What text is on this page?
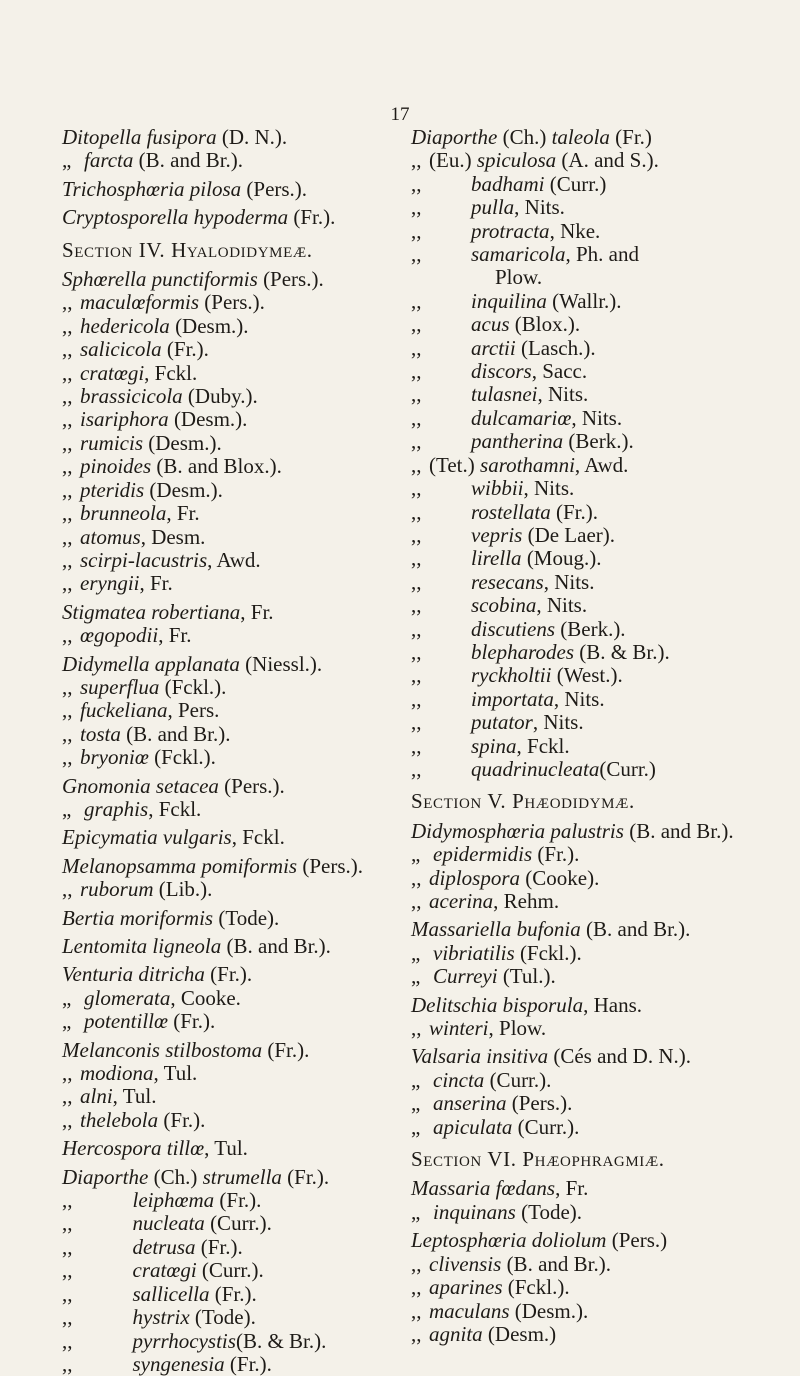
17
Ditopella fusipora (D. N.).
„ farcta (B. and Br.).
Trichosphœria pilosa (Pers.).
Cryptosporella hypoderma (Fr.).
Section IV. Hyalodidymeæ.
Sphœrella punctiformis (Pers.).
,, maculœformis (Pers.).
,, hedericola (Desm.).
,, salicicola (Fr.).
,, cratœgi, Fckl.
,, brassicicola (Duby.).
,, isariphora (Desm.).
,, rumicis (Desm.).
,, pinoides (B. and Blox.).
,, pteridis (Desm.).
,, brunneola, Fr.
,, atomus, Desm.
,, scirpi-lacustris, Awd.
,, eryngii, Fr.
Stigmatea robertiana, Fr.
,, œgopodii, Fr.
Didymella applanata (Niessl.).
,, superflua (Fckl.).
,, fuckeliana, Pers.
,, tosta (B. and Br.).
,, bryoniœ (Fckl.).
Gnomonia setacea (Pers.).
„ graphis, Fckl.
Epicymatia vulgaris, Fckl.
Melanopsamma pomiformis (Pers.).
,, ruborum (Lib.).
Bertia moriformis (Tode).
Lentomita ligneola (B. and Br.).
Venturia ditricha (Fr.).
„ glomerata, Cooke.
„ potentillœ (Fr.).
Melanconis stilbostoma (Fr.).
,, modiona, Tul.
,, alni, Tul.
,, thelebola (Fr.).
Hercospora tillœ, Tul.
Diaporthe (Ch.) strumella (Fr.).
,,	leiphœma (Fr.).
,,	nucleata (Curr.).
,,	detrusa (Fr.).
,,	cratœgi (Curr.).
,,	sallicella (Fr.).
,,	hystrix (Tode).
,,	pyrrhocystis(B. & Br.).
,,	syngenesia (Fr.).
Diaporthe (Ch.) taleola (Fr.)
,, (Eu.) spiculosa (A. and S.).
,, badhami (Curr.)
,, pulla, Nits.
,, protracta, Nke.
,, samaricola, Ph. and
Plow.
,, inquilina (Wallr.).
,, acus (Blox.).
,, arctii (Lasch.).
,, discors, Sacc.
,, tulasnei, Nits.
,, dulcamariœ, Nits.
,, pantherina (Berk.).
,, (Tet.) sarothamni, Awd.
,, wibbii, Nits.
,, rostellata (Fr.).
,, vepris (De Laer).
,, lirella (Moug.).
,, resecans, Nits.
,, scobina, Nits.
,, discutiens (Berk.).
,, blepharodes (B. & Br.).
,, ryckholtii (West.).
,, importata, Nits.
,, putator, Nits.
,, spina, Fckl.
,, quadrinucleata(Curr.)
Section V. Phæodidymæ.
Didymosphœria palustris (B. and Br.).
„ epidermidis (Fr.).
,, diplospora (Cooke).
,, acerina, Rehm.
Massariella bufonia (B. and Br.).
„ vibriatilis (Fckl.).
„ Curreyi (Tul.).
Delitschia bisporula, Hans.
,, winteri, Plow.
Valsaria insitiva (Cés and D. N.).
„ cincta (Curr.).
„ anserina (Pers.).
„ apiculata (Curr.).
Section VI. Phæophragmiæ.
Massaria fœdans, Fr.
„ inquinans (Tode).
Leptosphœria doliolum (Pers.)
,, clivensis (B. and Br.).
,, aparines (Fckl.).
,, maculans (Desm.).
,, agnita (Desm.)
